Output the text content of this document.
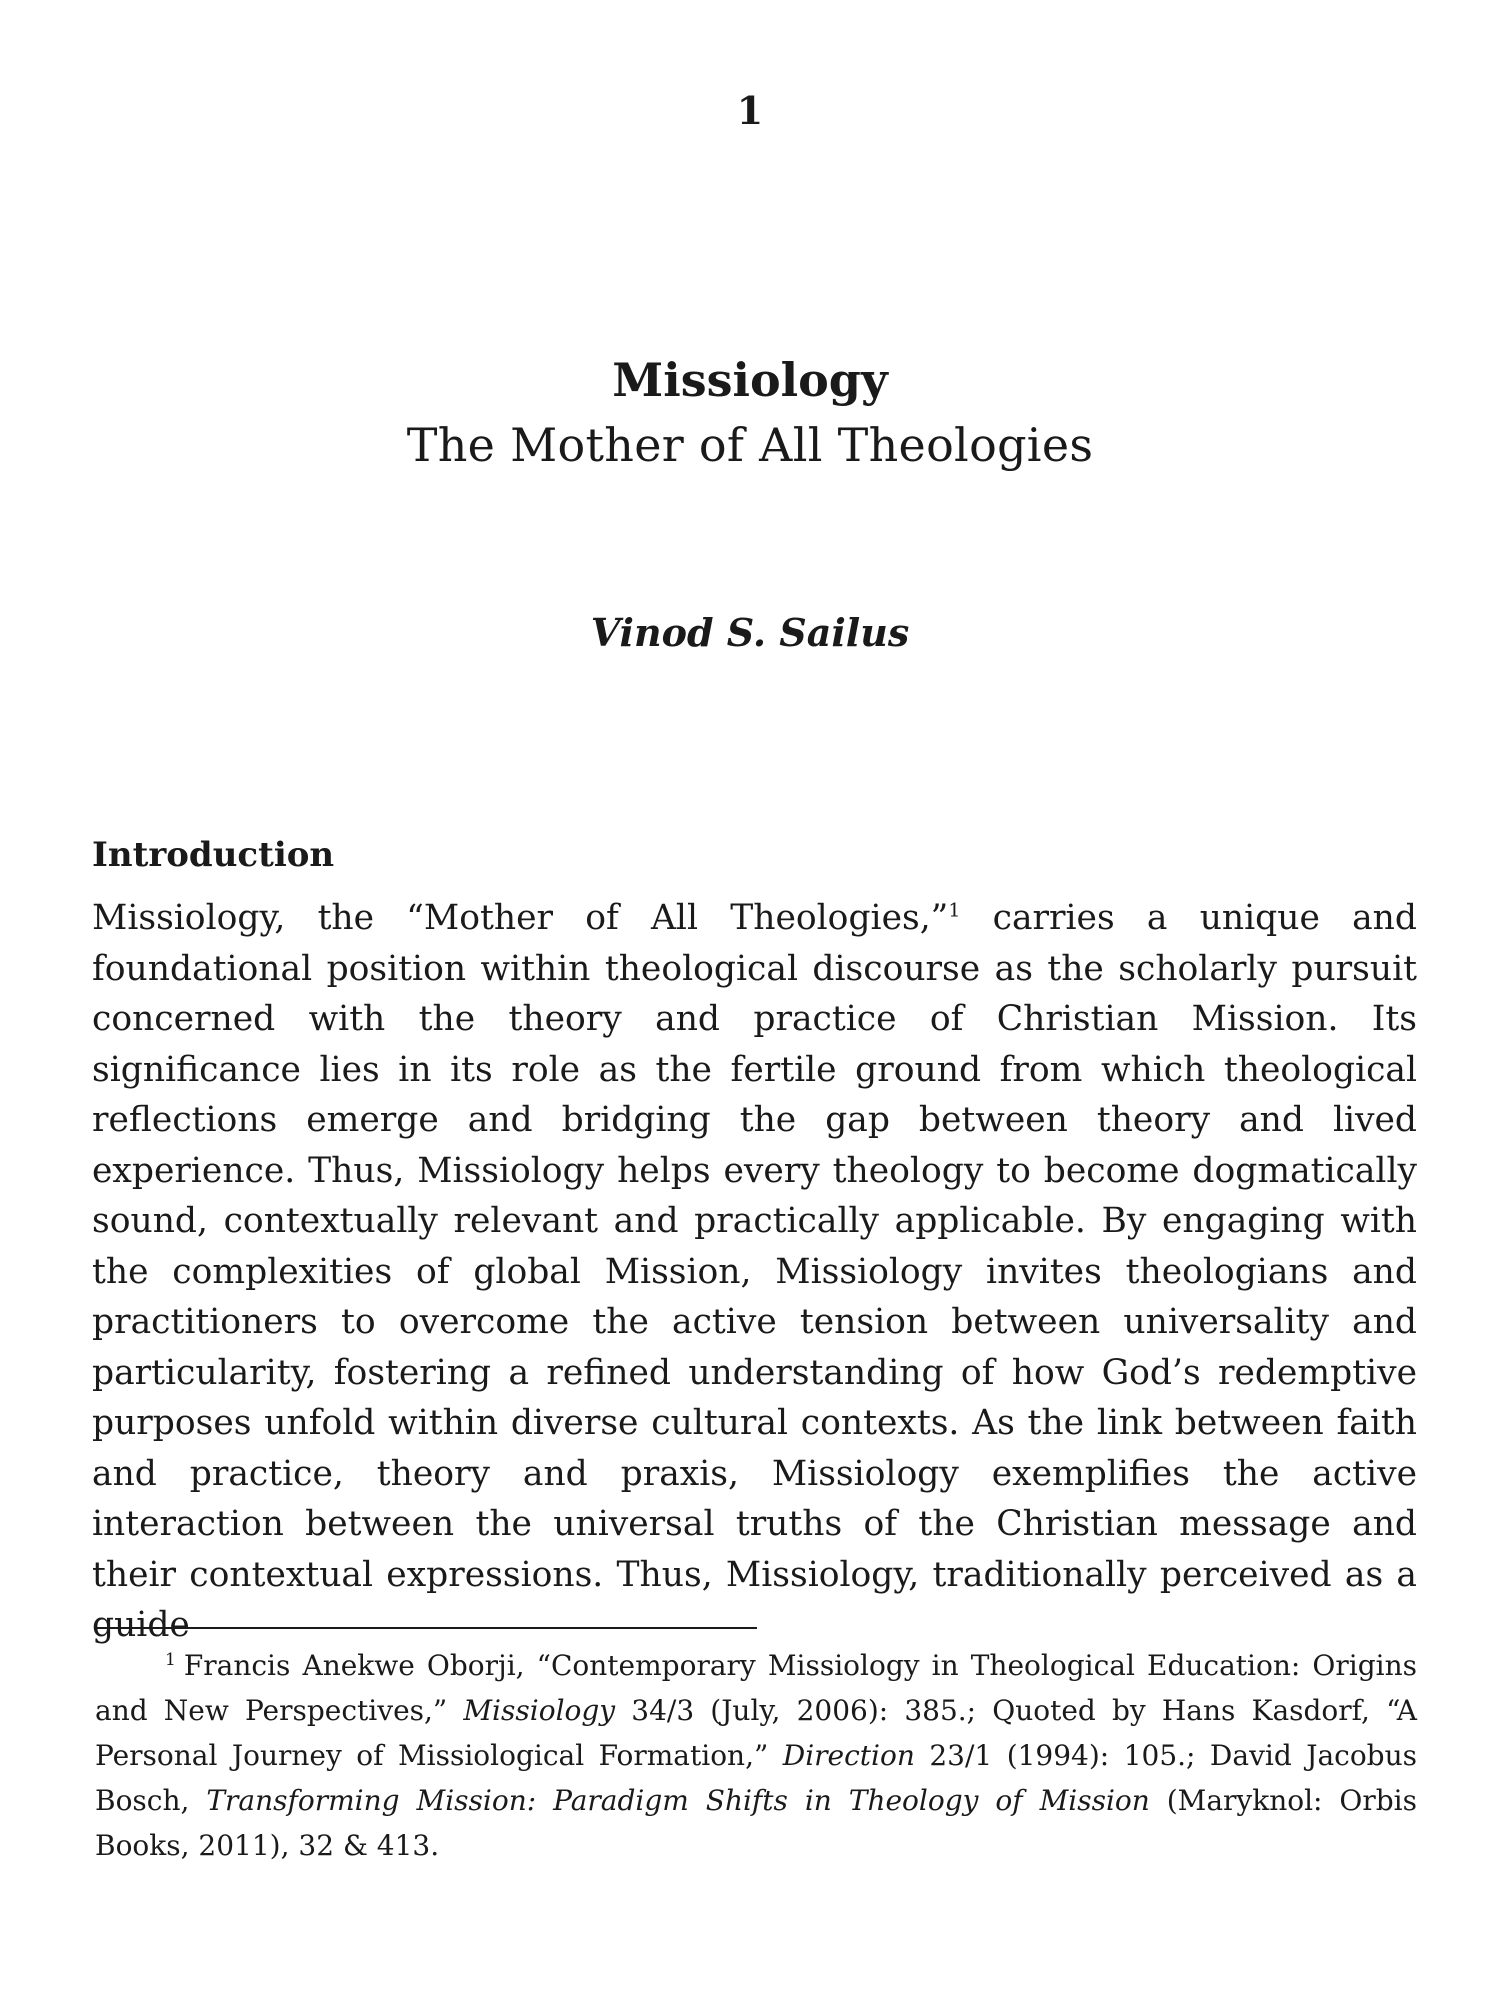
1
Missiology
The Mother of All Theologies
Vinod S. Sailus
Introduction

Missiology, the “Mother of All Theologies,”$^1$ carries a unique and foundational position within theological discourse as the scholarly pursuit concerned with the theory and practice of Christian Mission. Its significance lies in its role as the fertile ground from which theological reflections emerge and bridging the gap between theory and lived experience. Thus, Missiology helps every theology to become dogmatically sound, contextually relevant and practically applicable. By engaging with the complexities of global Mission, Missiology invites theologians and practitioners to overcome the active tension between universality and particularity, fostering a refined understanding of how God’s redemptive purposes unfold within diverse cultural contexts. As the link between faith and practice, theory and praxis, Missiology exemplifies the active interaction between the universal truths of the Christian message and their contextual expressions. Thus, Missiology, traditionally perceived as a guide

$^1$ Francis Anekwe Oborji, “Contemporary Missiology in Theological Education: Origins and New Perspectives,” Missiology 34/3 (July, 2006): 385.; Quoted by Hans Kasdorf, “A Personal Journey of Missiological Formation,” Direction 23/1 (1994): 105.; David Jacobus Bosch, Transforming Mission: Paradigm Shifts in Theology of Mission (Maryknol: Orbis Books, 2011), 32 & 413.
